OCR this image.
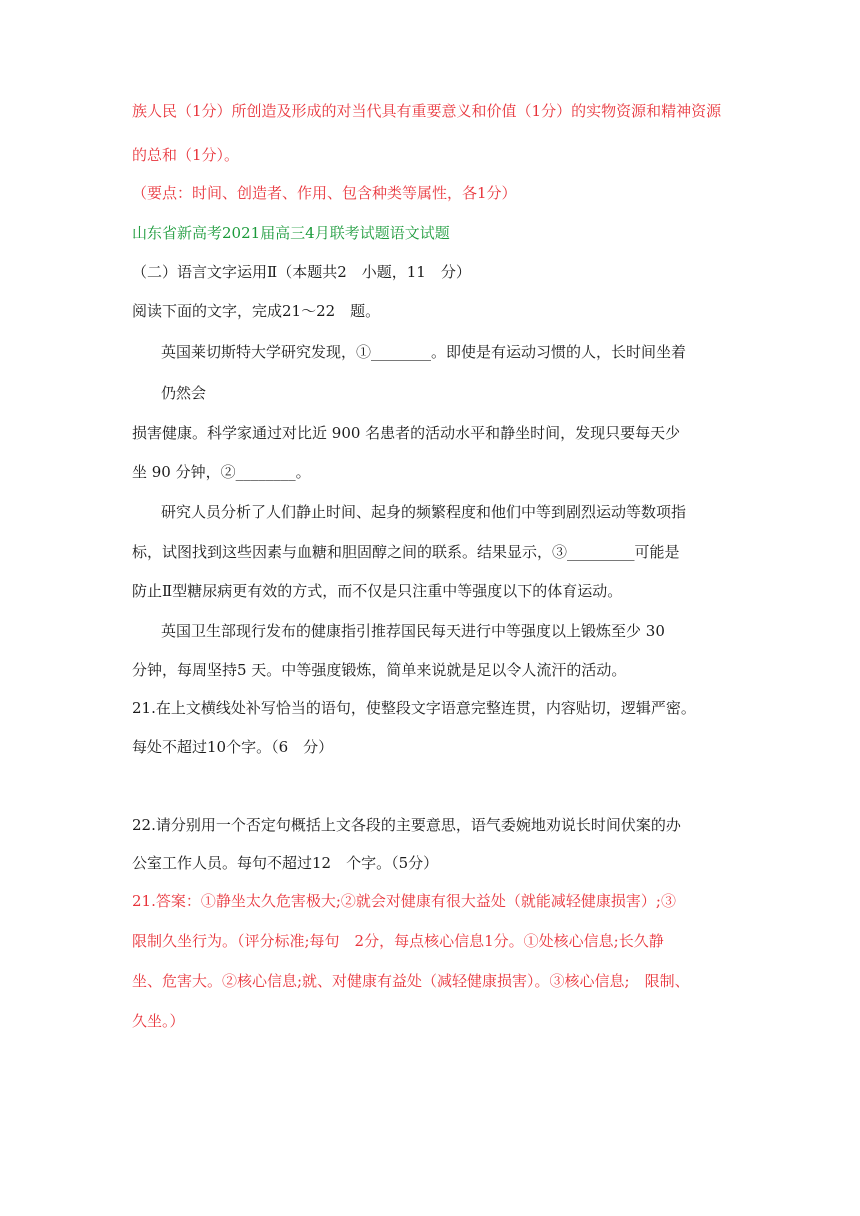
族人民（1分）所创造及形成的对当代具有重要意义和价值（1分）的实物资源和精神资源
的总和（1分）。
（要点：时间、创造者、作用、包含种类等属性，各1分）
山东省新高考2021届高三4月联考试题语文试题
（二）语言文字运用Ⅱ（本题共2　小题，11　分）
阅读下面的文字，完成21～22　题。
英国莱切斯特大学研究发现，①________。即使是有运动习惯的人，长时间坐着
仍然会
损害健康。科学家通过对比近 900 名患者的活动水平和静坐时间，发现只要每天少
坐 90 分钟，②________。
研究人员分析了人们静止时间、起身的频繁程度和他们中等到剧烈运动等数项指
标，试图找到这些因素与血糖和胆固醇之间的联系。结果显示，③_________可能是
防止Ⅱ型糖尿病更有效的方式，而不仅是只注重中等强度以下的体育运动。
英国卫生部现行发布的健康指引推荐国民每天进行中等强度以上锻炼至少 30
分钟，每周坚持5 天。中等强度锻炼，简单来说就是足以令人流汗的活动。
21.在上文横线处补写恰当的语句，使整段文字语意完整连贯，内容贴切，逻辑严密。
每处不超过10个字。（6　分）
22.请分别用一个否定句概括上文各段的主要意思，语气委婉地劝说长时间伏案的办
公室工作人员。每句不超过12　个字。（5分）
21.答案：①静坐太久危害极大;②就会对健康有很大益处（就能减轻健康损害）;③
限制久坐行为。（评分标准;每句　2分，每点核心信息1分。①处核心信息;长久静
坐、危害大。②核心信息;就、对健康有益处（减轻健康损害）。③核心信息;　限制、
久坐。）
